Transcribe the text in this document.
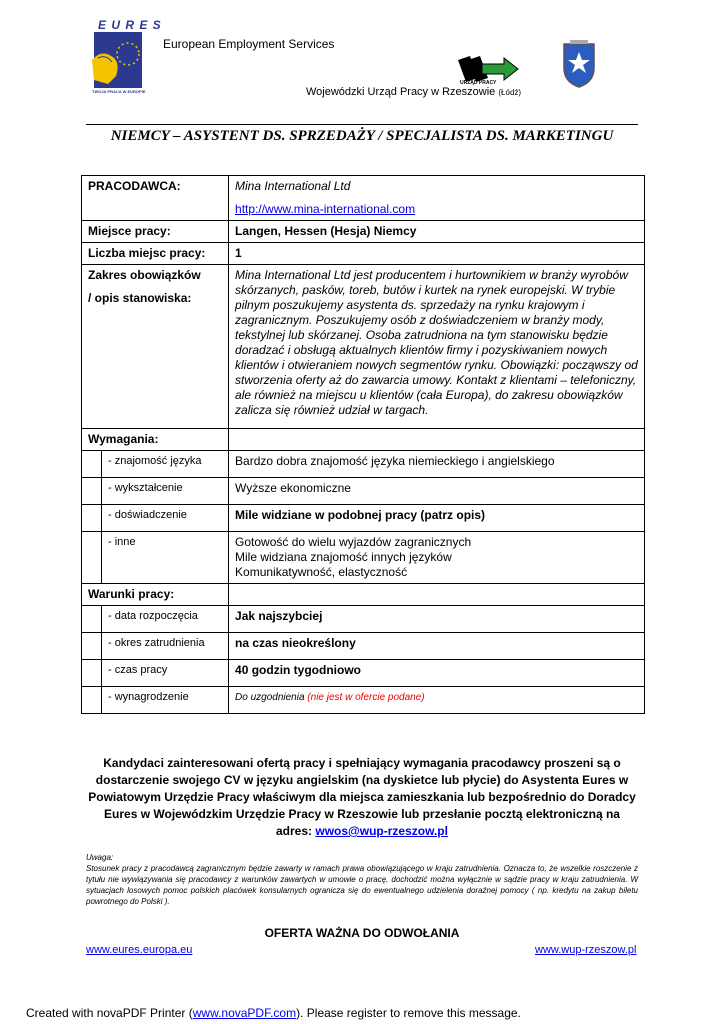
E U R E S
TWOJA PRACA W EUROPIE
European Employment Services
URZĄD PRACY
Wojewódzki Urząd Pracy w Rzeszowie (Łódź)
NIEMCY – ASYSTENT DS. SPRZEDAŻY / SPECJALISTA DS. MARKETINGU
PRACODAWCA:		Mina International Ltd
http://www.mina-international.com

Miejsce pracy:		Langen, Hessen (Hesja) Niemcy
Liczba miejsc pracy:		1

Zakres obowiązków
/ opis stanowiska:		Mina International Ltd jest producentem i hurtownikiem w branży wyrobów skórzanych, pasków, toreb, butów i kurtek na rynek europejski. W trybie pilnym poszukujemy asystenta ds. sprzedaży na rynku krajowym i zagranicznym. Poszukujemy osób z doświadczeniem w branży mody, tekstylnej lub skórzanej. Osoba zatrudniona na tym stanowisku będzie doradzać i obsługą aktualnych klientów firmy i pozyskiwaniem nowych klientów i otwieraniem nowych segmentów rynku. Obowiązki: począwszy od stworzenia oferty aż do zawarcia umowy. Kontakt z klientami – telefoniczny, ale również na miejscu u klientów (cała Europa), do zakresu obowiązków zalicza się również udział w targach.
Wymagania:		
	- znajomość języka	Bardzo dobra znajomość języka niemieckiego i angielskiego
	- wykształcenie	Wyższe ekonomiczne
	- doświadczenie	Mile widziane w podobnej pracy (patrz opis)
	- inne	Gotowość do wielu wyjazdów zagranicznych
Mile widziana znajomość innych języków
Komunikatywność, elastyczność

Warunki pracy:		
	- data rozpoczęcia	Jak najszybciej
	- okres zatrudnienia	na czas nieokreślony
	- czas pracy	40 godzin tygodniowo
	- wynagrodzenie	Do uzgodnienia (nie jest w ofercie podane)
Kandydaci zainteresowani ofertą pracy i spełniający wymagania pracodawcy proszeni są o dostarczenie swojego CV w języku angielskim (na dyskietce lub płycie) do Asystenta Eures w Powiatowym Urzędzie Pracy właściwym dla miejsca zamieszkania lub bezpośrednio do Doradcy Eures w Wojewódzkim Urzędzie Pracy w Rzeszowie lub przesłanie pocztą elektroniczną na adres: wwos@wup-rzeszow.pl
Uwaga:
Stosunek pracy z pracodawcą zagranicznym będzie zawarty w ramach prawa obowiązującego w kraju zatrudnienia. Oznacza to, że wszelkie roszczenie z tytułu nie wywiązywania się pracodawcy z warunków zawartych w umowie o pracę, dochodzić można wyłącznie w sądzie pracy w kraju zatrudnienia. W sytuacjach losowych pomoc polskich placówek konsularnych ogranicza się do ewentualnego udzielenia doraźnej pomocy ( np. kredytu na zakup biletu powrotnego do Polski ).
OFERTA WAŻNA DO ODWOŁANIA
www.eures.europa.eu	www.wup-rzeszow.pl
Created with novaPDF Printer (www.novaPDF.com). Please register to remove this message.
